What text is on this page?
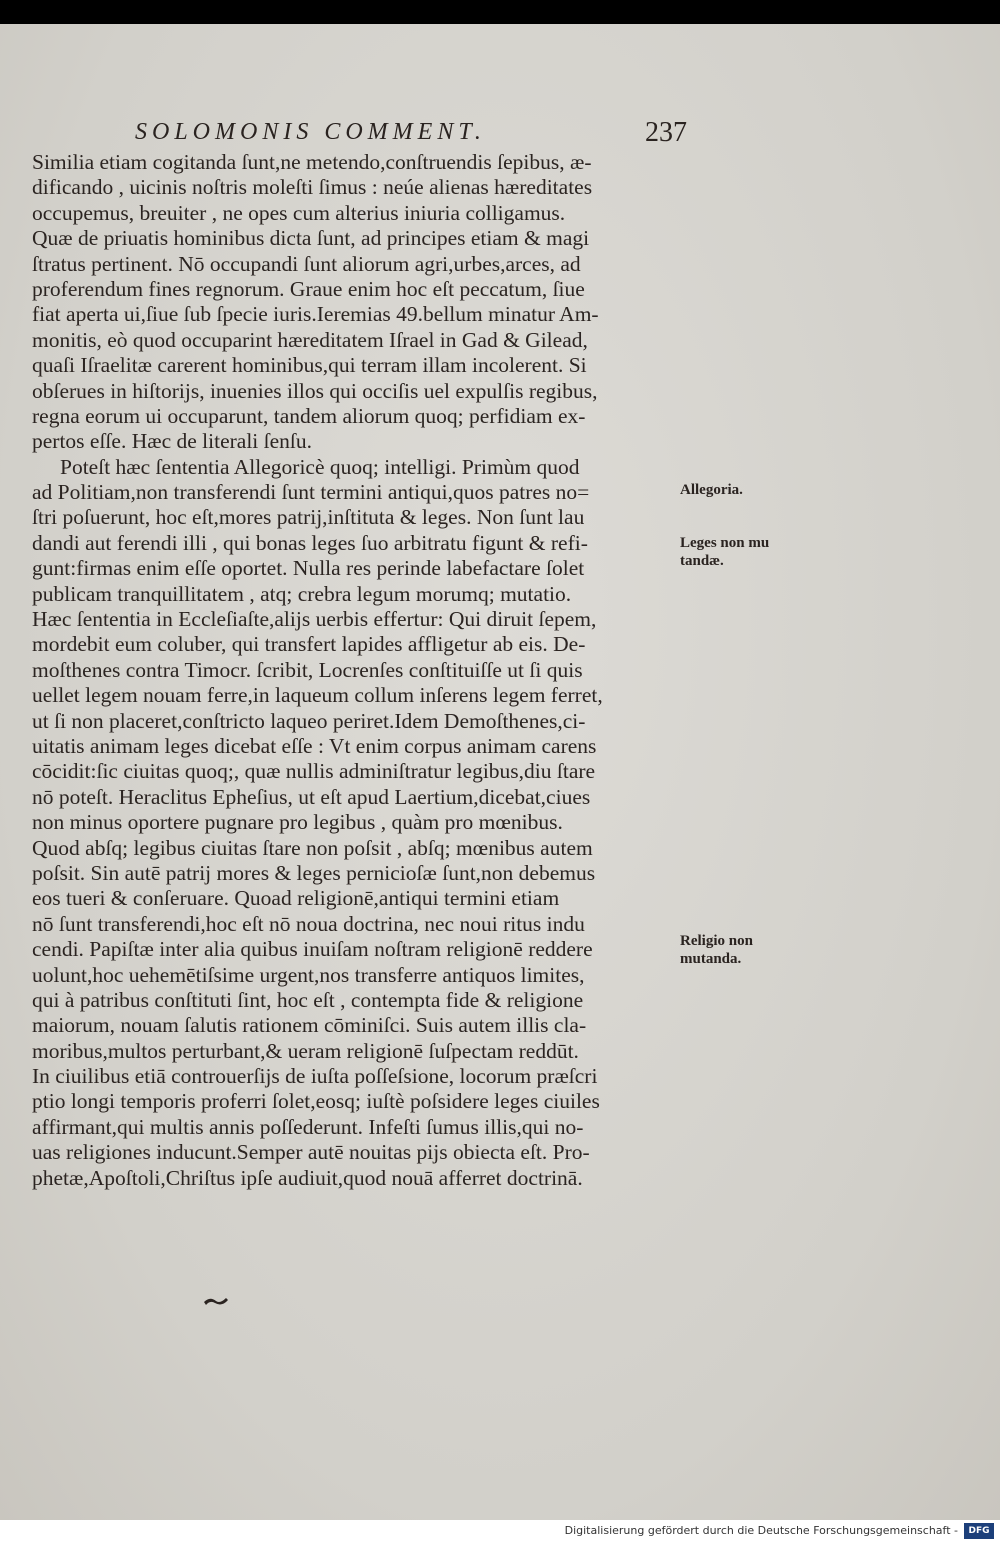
SOLOMONIS COMMENT.	237
Similia etiam cogitanda ſunt,ne metendo,conſtruendis ſepibus, æ-
dificando , uicinis noſtris moleſti ſimus : neúe alienas hæreditates
occupemus, breuiter , ne opes cum alterius iniuria colligamus.
Quæ de priuatis hominibus dicta ſunt, ad principes etiam & magi
ſtratus pertinent. Nō occupandi ſunt aliorum agri,urbes,arces, ad
proferendum fines regnorum. Graue enim hoc eſt peccatum, ſiue
fiat aperta ui,ſiue ſub ſpecie iuris.Ieremias 49.bellum minatur Am-
monitis, eò quod occuparint hæreditatem Iſrael in Gad & Gilead,
quaſi Iſraelitæ carerent hominibus,qui terram illam incolerent. Si
obſerues in hiſtorijs, inuenies illos qui occiſis uel expulſis regibus,
regna eorum ui occuparunt, tandem aliorum quoq; perfidiam ex-
pertos eſſe. Hæc de literali ſenſu.
Poteſt hæc ſententia Allegoricè quoq; intelligi. Primùm quod
ad Politiam,non transferendi ſunt termini antiqui,quos patres no=
ſtri poſuerunt, hoc eſt,mores patrij,inſtituta & leges. Non ſunt lau
dandi aut ferendi illi , qui bonas leges ſuo arbitratu figunt & refi-
gunt:firmas enim eſſe oportet. Nulla res perinde labefactare ſolet
publicam tranquillitatem , atq; crebra legum morumq; mutatio.
Hæc ſententia in Eccleſiaſte,alijs uerbis effertur: Qui diruit ſepem,
mordebit eum coluber, qui transfert lapides affligetur ab eis. De-
moſthenes contra Timocr. ſcribit, Locrenſes conſtituiſſe ut ſi quis
uellet legem nouam ferre,in laqueum collum inſerens legem ferret,
ut ſi non placeret,conſtricto laqueo periret.Idem Demoſthenes,ci-
uitatis animam leges dicebat eſſe : Vt enim corpus animam carens
cōcidit:ſic ciuitas quoq;, quæ nullis adminiſtratur legibus,diu ſtare
nō poteſt. Heraclitus Epheſius, ut eſt apud Laertium,dicebat,ciues
non minus oportere pugnare pro legibus , quàm pro mœnibus.
Quod abſq; legibus ciuitas ſtare non poſsit , abſq; mœnibus autem
poſsit. Sin autē patrij mores & leges pernicioſæ ſunt,non debemus
eos tueri & conſeruare. Quoad religionē,antiqui termini etiam
nō ſunt transferendi,hoc eſt nō noua doctrina, nec noui ritus indu
cendi. Papiſtæ inter alia quibus inuiſam noſtram religionē reddere
uolunt,hoc uehemētiſsime urgent,nos transferre antiquos limites,
qui à patribus conſtituti ſint, hoc eſt , contempta fide & religione
maiorum, nouam ſalutis rationem cōminiſci. Suis autem illis cla-
moribus,multos perturbant,& ueram religionē ſuſpectam reddūt.
In ciuilibus etiā controuerſijs de iuſta poſſeſsione, locorum præſcri
ptio longi temporis proferri ſolet,eosq; iuſtè poſsidere leges ciuiles
affirmant,qui multis annis poſſederunt. Infeſti ſumus illis,qui no-
uas religiones inducunt.Semper autē nouitas pijs obiecta eſt. Pro-
phetæ,Apoſtoli,Chriſtus ipſe audiuit,quod nouā afferret doctrinā.
Allegoria.
Leges non mu tandæ.
Religio non mutanda.
Digitalisierung gefördert durch die Deutsche Forschungsgemeinschaft -	DFG
